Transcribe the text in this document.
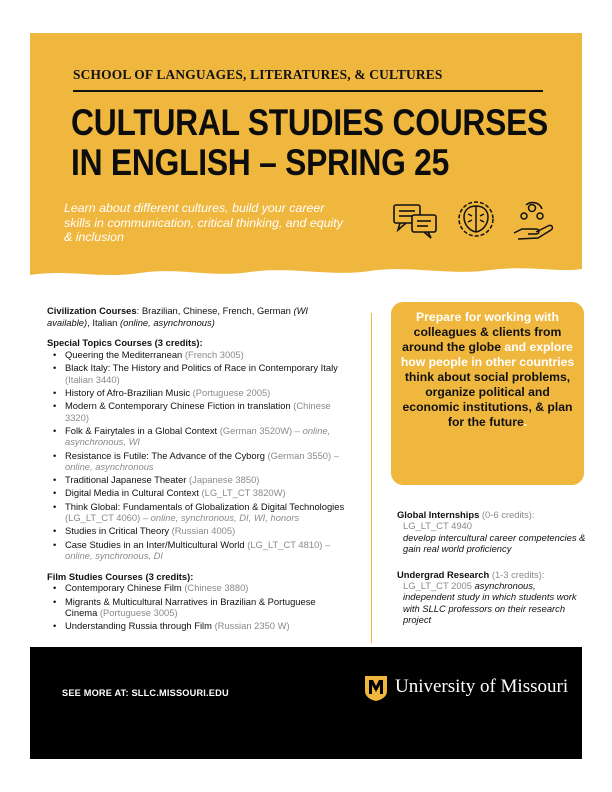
SCHOOL OF LANGUAGES, LITERATURES, & CULTURES
CULTURAL STUDIES COURSES
IN ENGLISH – SPRING 25
Learn about different cultures, build your career skills in communication, critical thinking, and equity & inclusion

Civilization Courses: Brazilian, Chinese, French, German (WI available), Italian (online, asynchronous)

Special Topics Courses (3 credits):

• Queering the Mediterranean (French 3005)
• Black Italy: The History and Politics of Race in Contemporary Italy (Italian 3440)
• History of Afro-Brazilian Music (Portuguese 2005)
• Modern & Contemporary Chinese Fiction in translation (Chinese 3320)
• Folk & Fairytales in a Global Context (German 3520W) – online, asynchronous, WI
• Resistance is Futile: The Advance of the Cyborg (German 3550) – online, asynchronous
• Traditional Japanese Theater (Japanese 3850)
• Digital Media in Cultural Context (LG_LT_CT 3820W)
• Think Global: Fundamentals of Globalization & Digital Technologies (LG_LT_CT 4060) – online, synchronous, DI, WI, honors
• Studies in Critical Theory (Russian 4005)
• Case Studies in an Inter/Multicultural World (LG_LT_CT 4810) – online, synchronous, DI

Film Studies Courses (3 credits):

• Contemporary Chinese Film (Chinese 3880)
• Migrants & Multicultural Narratives in Brazilian & Portuguese Cinema (Portuguese 3005)
• Understanding Russia through Film (Russian 2350 W)
Prepare for working with colleagues & clients from around the globe and explore how people in other countries think about social problems, organize political and economic institutions, & plan for the future.

Global Internships (0-6 credits):

LG_LT_CT 4940

develop intercultural career competencies & gain real world proficiency

Undergrad Research (1-3 credits):

LG_LT_CT 2005 asynchronous, independent study in which students work with SLLC professors on their research project

SEE MORE AT: SLLC.MISSOURI.EDU	University of Missouri
